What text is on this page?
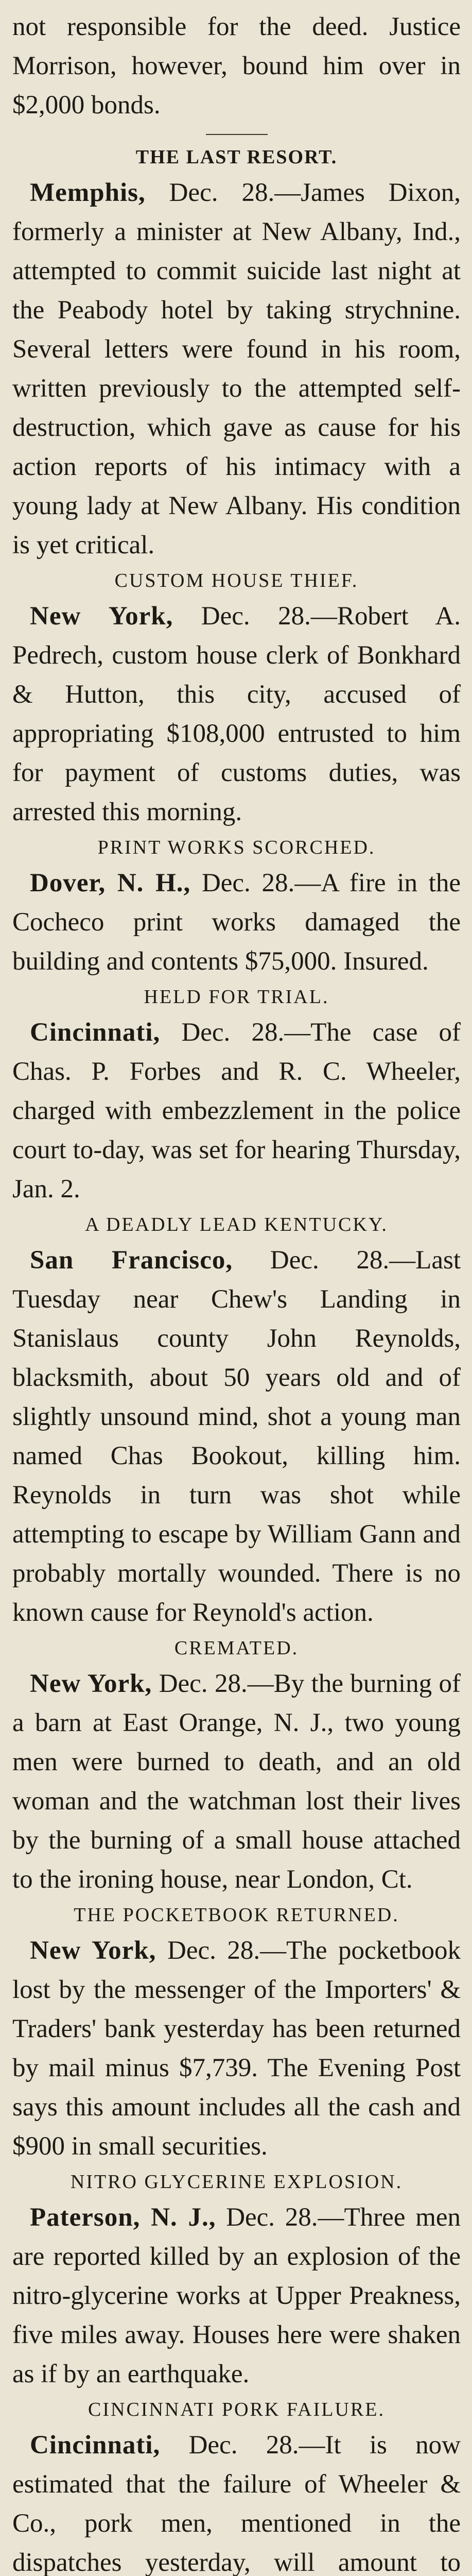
not responsible for the deed. Justice Morrison, however, bound him over in $2,000 bonds.

THE LAST RESORT.

Memphis, Dec. 28.—James Dixon, formerly a minister at New Albany, Ind., attempted to commit suicide last night at the Peabody hotel by taking strychnine. Several letters were found in his room, written previously to the attempted self-destruction, which gave as cause for his action reports of his intimacy with a young lady at New Albany. His condition is yet critical.

CUSTOM HOUSE THIEF.

New York, Dec. 28.—Robert A. Pedrech, custom house clerk of Bonkhard & Hutton, this city, accused of appropriating $108,000 entrusted to him for payment of customs duties, was arrested this morning.

PRINT WORKS SCORCHED.

Dover, N. H., Dec. 28.—A fire in the Cocheco print works damaged the building and contents $75,000. Insured.

HELD FOR TRIAL.

Cincinnati, Dec. 28.—The case of Chas. P. Forbes and R. C. Wheeler, charged with embezzlement in the police court to-day, was set for hearing Thursday, Jan. 2.

A DEADLY LEAD KENTUCKY.

San Francisco, Dec. 28.—Last Tuesday near Chew's Landing in Stanislaus county John Reynolds, blacksmith, about 50 years old and of slightly unsound mind, shot a young man named Chas Bookout, killing him. Reynolds in turn was shot while attempting to escape by William Gann and probably mortally wounded. There is no known cause for Reynold's action.

CREMATED.

New York, Dec. 28.—By the burning of a barn at East Orange, N. J., two young men were burned to death, and an old woman and the watchman lost their lives by the burning of a small house attached to the ironing house, near London, Ct.

THE POCKETBOOK RETURNED.

New York, Dec. 28.—The pocketbook lost by the messenger of the Importers' & Traders' bank yesterday has been returned by mail minus $7,739. The Evening Post says this amount includes all the cash and $900 in small securities.

NITRO GLYCERINE EXPLOSION.

Paterson, N. J., Dec. 28.—Three men are reported killed by an explosion of the nitro-glycerine works at Upper Preakness, five miles away. Houses here were shaken as if by an earthquake.

CINCINNATI PORK FAILURE.

Cincinnati, Dec. 28.—It is now estimated that the failure of Wheeler & Co., pork men, mentioned in the dispatches yesterday, will amount to
